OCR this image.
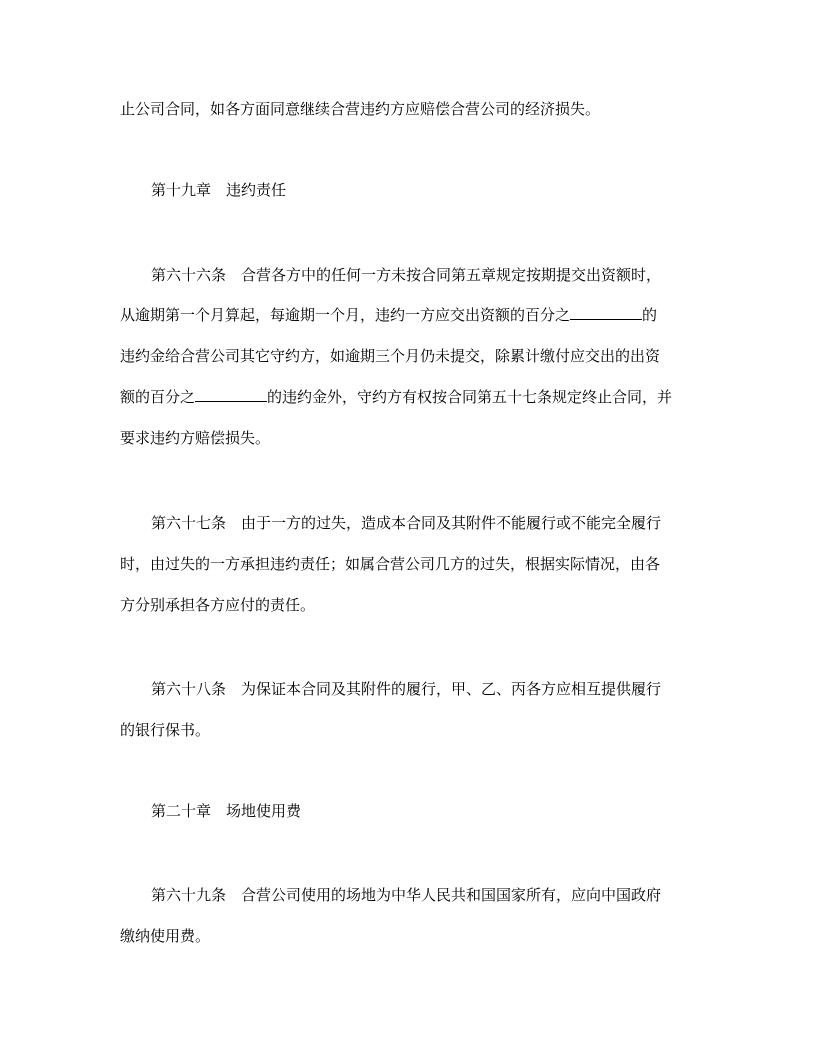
止公司合同，如各方面同意继续合营违约方应赔偿合营公司的经济损失。
第十九章　违约责任
第六十六条　合营各方中的任何一方未按合同第五章规定按期提交出资额时，
从逾期第一个月算起，每逾期一个月，违约一方应交出资额的百分之	的
违约金给合营公司其它守约方，如逾期三个月仍未提交，除累计缴付应交出的出资
额的百分之	的违约金外，守约方有权按合同第五十七条规定终止合同，并
要求违约方赔偿损失。
第六十七条　由于一方的过失，造成本合同及其附件不能履行或不能完全履行
时，由过失的一方承担违约责任；如属合营公司几方的过失，根据实际情况，由各
方分别承担各方应付的责任。
第六十八条　为保证本合同及其附件的履行，甲、乙、丙各方应相互提供履行
的银行保书。
第二十章　场地使用费
第六十九条　合营公司使用的场地为中华人民共和国国家所有，应向中国政府
缴纳使用费。
